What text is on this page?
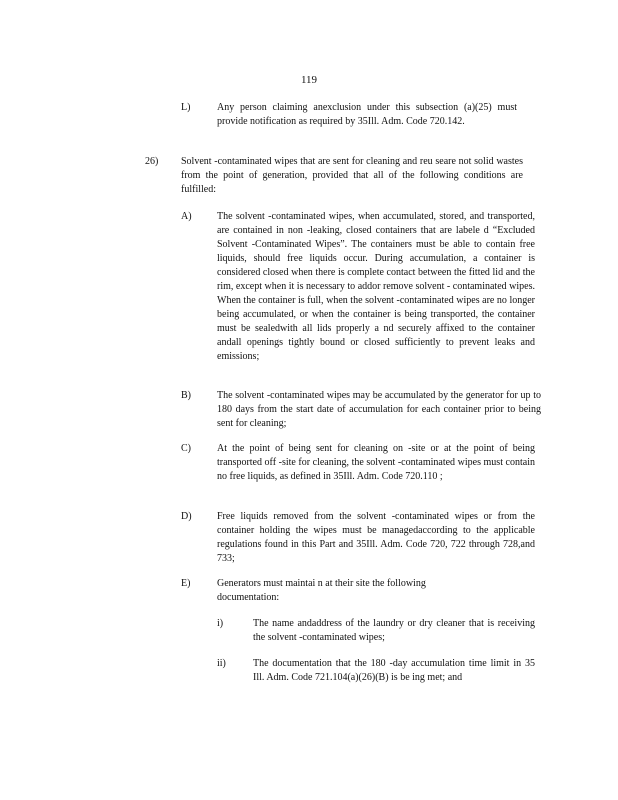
119
L)	Any person claiming anexclusion under this subsection (a)(25) must provide notification as required by 35Ill. Adm. Code 720.142.
26) Solvent -contaminated wipes that are sent for cleaning and reu seare not solid wastes from the point of generation, provided that all of the following conditions are fulfilled:
A)	The solvent -contaminated wipes, when accumulated, stored, and transported, are contained in non -leaking, closed containers that are labele d “Excluded Solvent -Contaminated Wipes”. The containers must be able to contain free liquids, should free liquids occur. During accumulation, a container is considered closed when there is complete contact between the fitted lid and the rim, except when it is necessary to addor remove solvent - contaminated wipes. When the container is full, when the solvent -contaminated wipes are no longer being accumulated, or when the container is being transported, the container must be sealedwith all lids properly a nd securely affixed to the container andall openings tightly bound or closed sufficiently to prevent leaks and emissions;
B)	The solvent -contaminated wipes may be accumulated by the generator for up to 180 days from the start date of accumulation for each container prior to being sent for cleaning;
C)	At the point of being sent for cleaning on -site or at the point of being transported off -site for cleaning, the solvent -contaminated wipes must contain no free liquids, as defined in 35Ill. Adm. Code 720.110 ;
D)	Free liquids removed from the solvent -contaminated wipes or from the container holding the wipes must be managedaccording to the applicable regulations found in this Part and 35Ill. Adm. Code 720, 722 through 728,and 733;
E)	Generators must maintai n at their site the following documentation:
i)	The name andaddress of the laundry or dry cleaner that is receiving the solvent -contaminated wipes;
ii)	The documentation that the 180 -day accumulation time limit in 35 Ill. Adm. Code 721.104(a)(26)(B) is be ing met; and
